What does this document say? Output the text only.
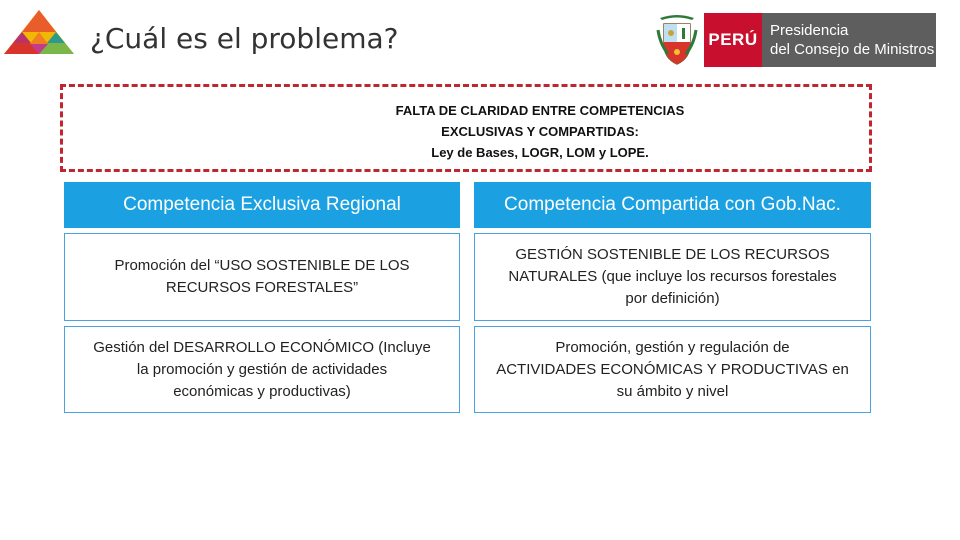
¿Cuál es el problema?	PERÚ Presidencia
del Consejo de Ministros
FALTA DE CLARIDAD ENTRE COMPETENCIAS
EXCLUSIVAS Y COMPARTIDAS:
Ley de Bases, LOGR, LOM y LOPE.
Competencia Exclusiva Regional	Competencia Compartida con Gob.Nac.
Promoción del “USO SOSTENIBLE DE LOS
RECURSOS FORESTALES”
GESTIÓN SOSTENIBLE DE LOS RECURSOS
NATURALES (que incluye los recursos forestales
por definición)
Gestión del DESARROLLO ECONÓMICO (Incluye
la promoción y gestión de actividades
económicas y productivas)
Promoción, gestión y regulación de
ACTIVIDADES ECONÓMICAS Y PRODUCTIVAS en
su ámbito y nivel
